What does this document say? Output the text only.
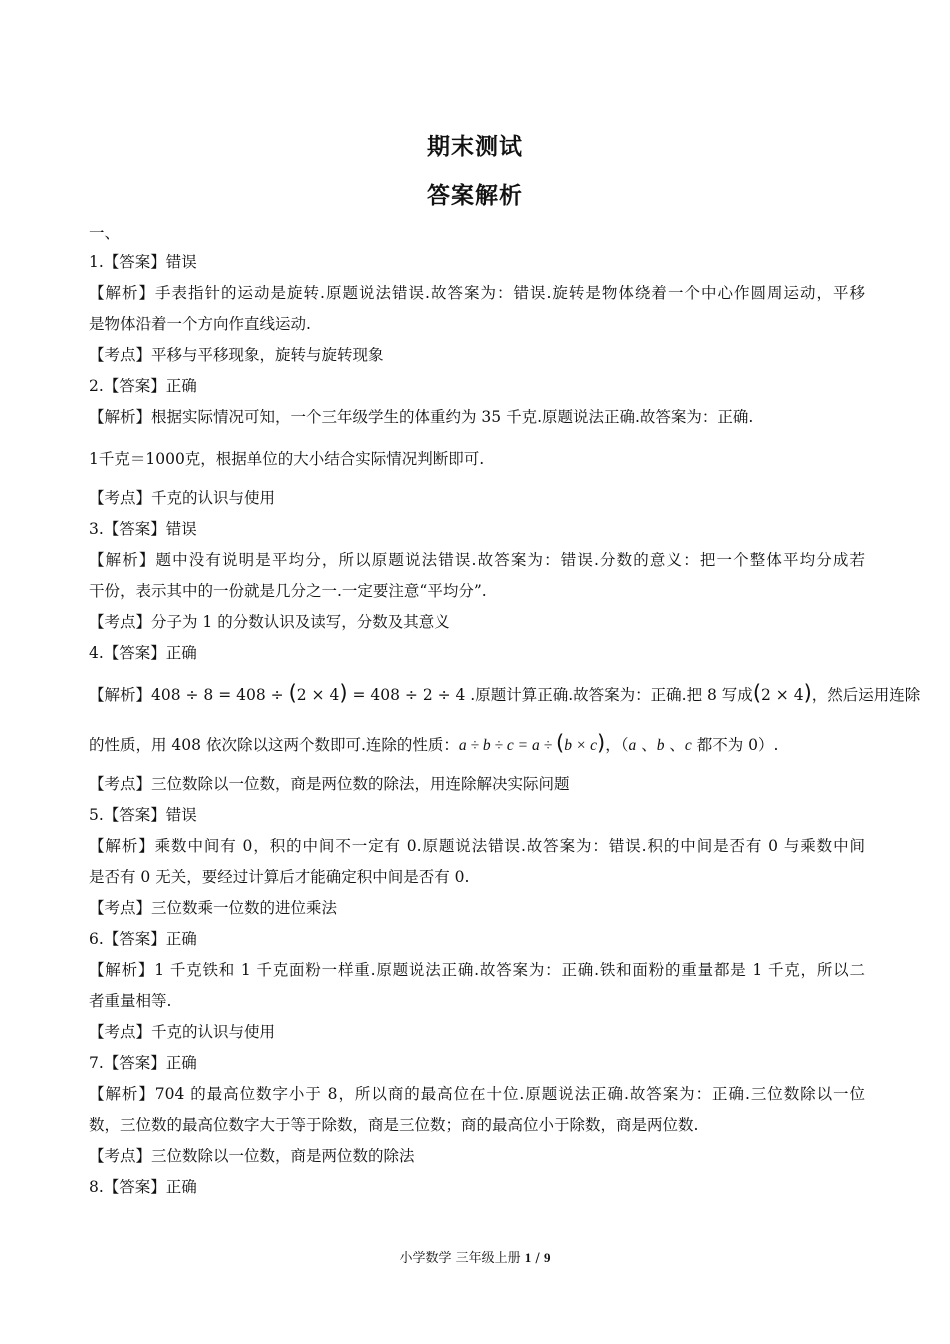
期末测试
答案解析
一、
1.【答案】错误
【解析】手表指针的运动是旋转.原题说法错误.故答案为：错误.旋转是物体绕着一个中心作圆周运动，平移
是物体沿着一个方向作直线运动.
【考点】平移与平移现象，旋转与旋转现象
2.【答案】正确
【解析】根据实际情况可知，一个三年级学生的体重约为 35 千克.原题说法正确.故答案为：正确.
1千克＝1000克，根据单位的大小结合实际情况判断即可.
【考点】千克的认识与使用
3.【答案】错误
【解析】题中没有说明是平均分，所以原题说法错误.故答案为：错误.分数的意义：把一个整体平均分成若
干份，表示其中的一份就是几分之一.一定要注意“平均分”.
【考点】分子为 1 的分数认识及读写，分数及其意义
4.【答案】正确
【解析】408 ÷ 8 = 408 ÷ (2 × 4) = 408 ÷ 2 ÷ 4 .原题计算正确.故答案为：正确.把 8 写成(2 × 4)，然后运用连除
的性质，用 408 依次除以这两个数即可.连除的性质：a ÷ b ÷ c = a ÷ (b × c)，（a 、b 、c 都不为 0）.
【考点】三位数除以一位数，商是两位数的除法，用连除解决实际问题
5.【答案】错误
【解析】乘数中间有 0，积的中间不一定有 0.原题说法错误.故答案为：错误.积的中间是否有 0 与乘数中间
是否有 0 无关，要经过计算后才能确定积中间是否有 0.
【考点】三位数乘一位数的进位乘法
6.【答案】正确
【解析】1 千克铁和 1 千克面粉一样重.原题说法正确.故答案为：正确.铁和面粉的重量都是 1 千克，所以二
者重量相等.
【考点】千克的认识与使用
7.【答案】正确
【解析】704 的最高位数字小于 8，所以商的最高位在十位.原题说法正确.故答案为：正确.三位数除以一位
数，三位数的最高位数字大于等于除数，商是三位数；商的最高位小于除数，商是两位数.
【考点】三位数除以一位数，商是两位数的除法
8.【答案】正确
小学数学 三年级上册 1 / 9
